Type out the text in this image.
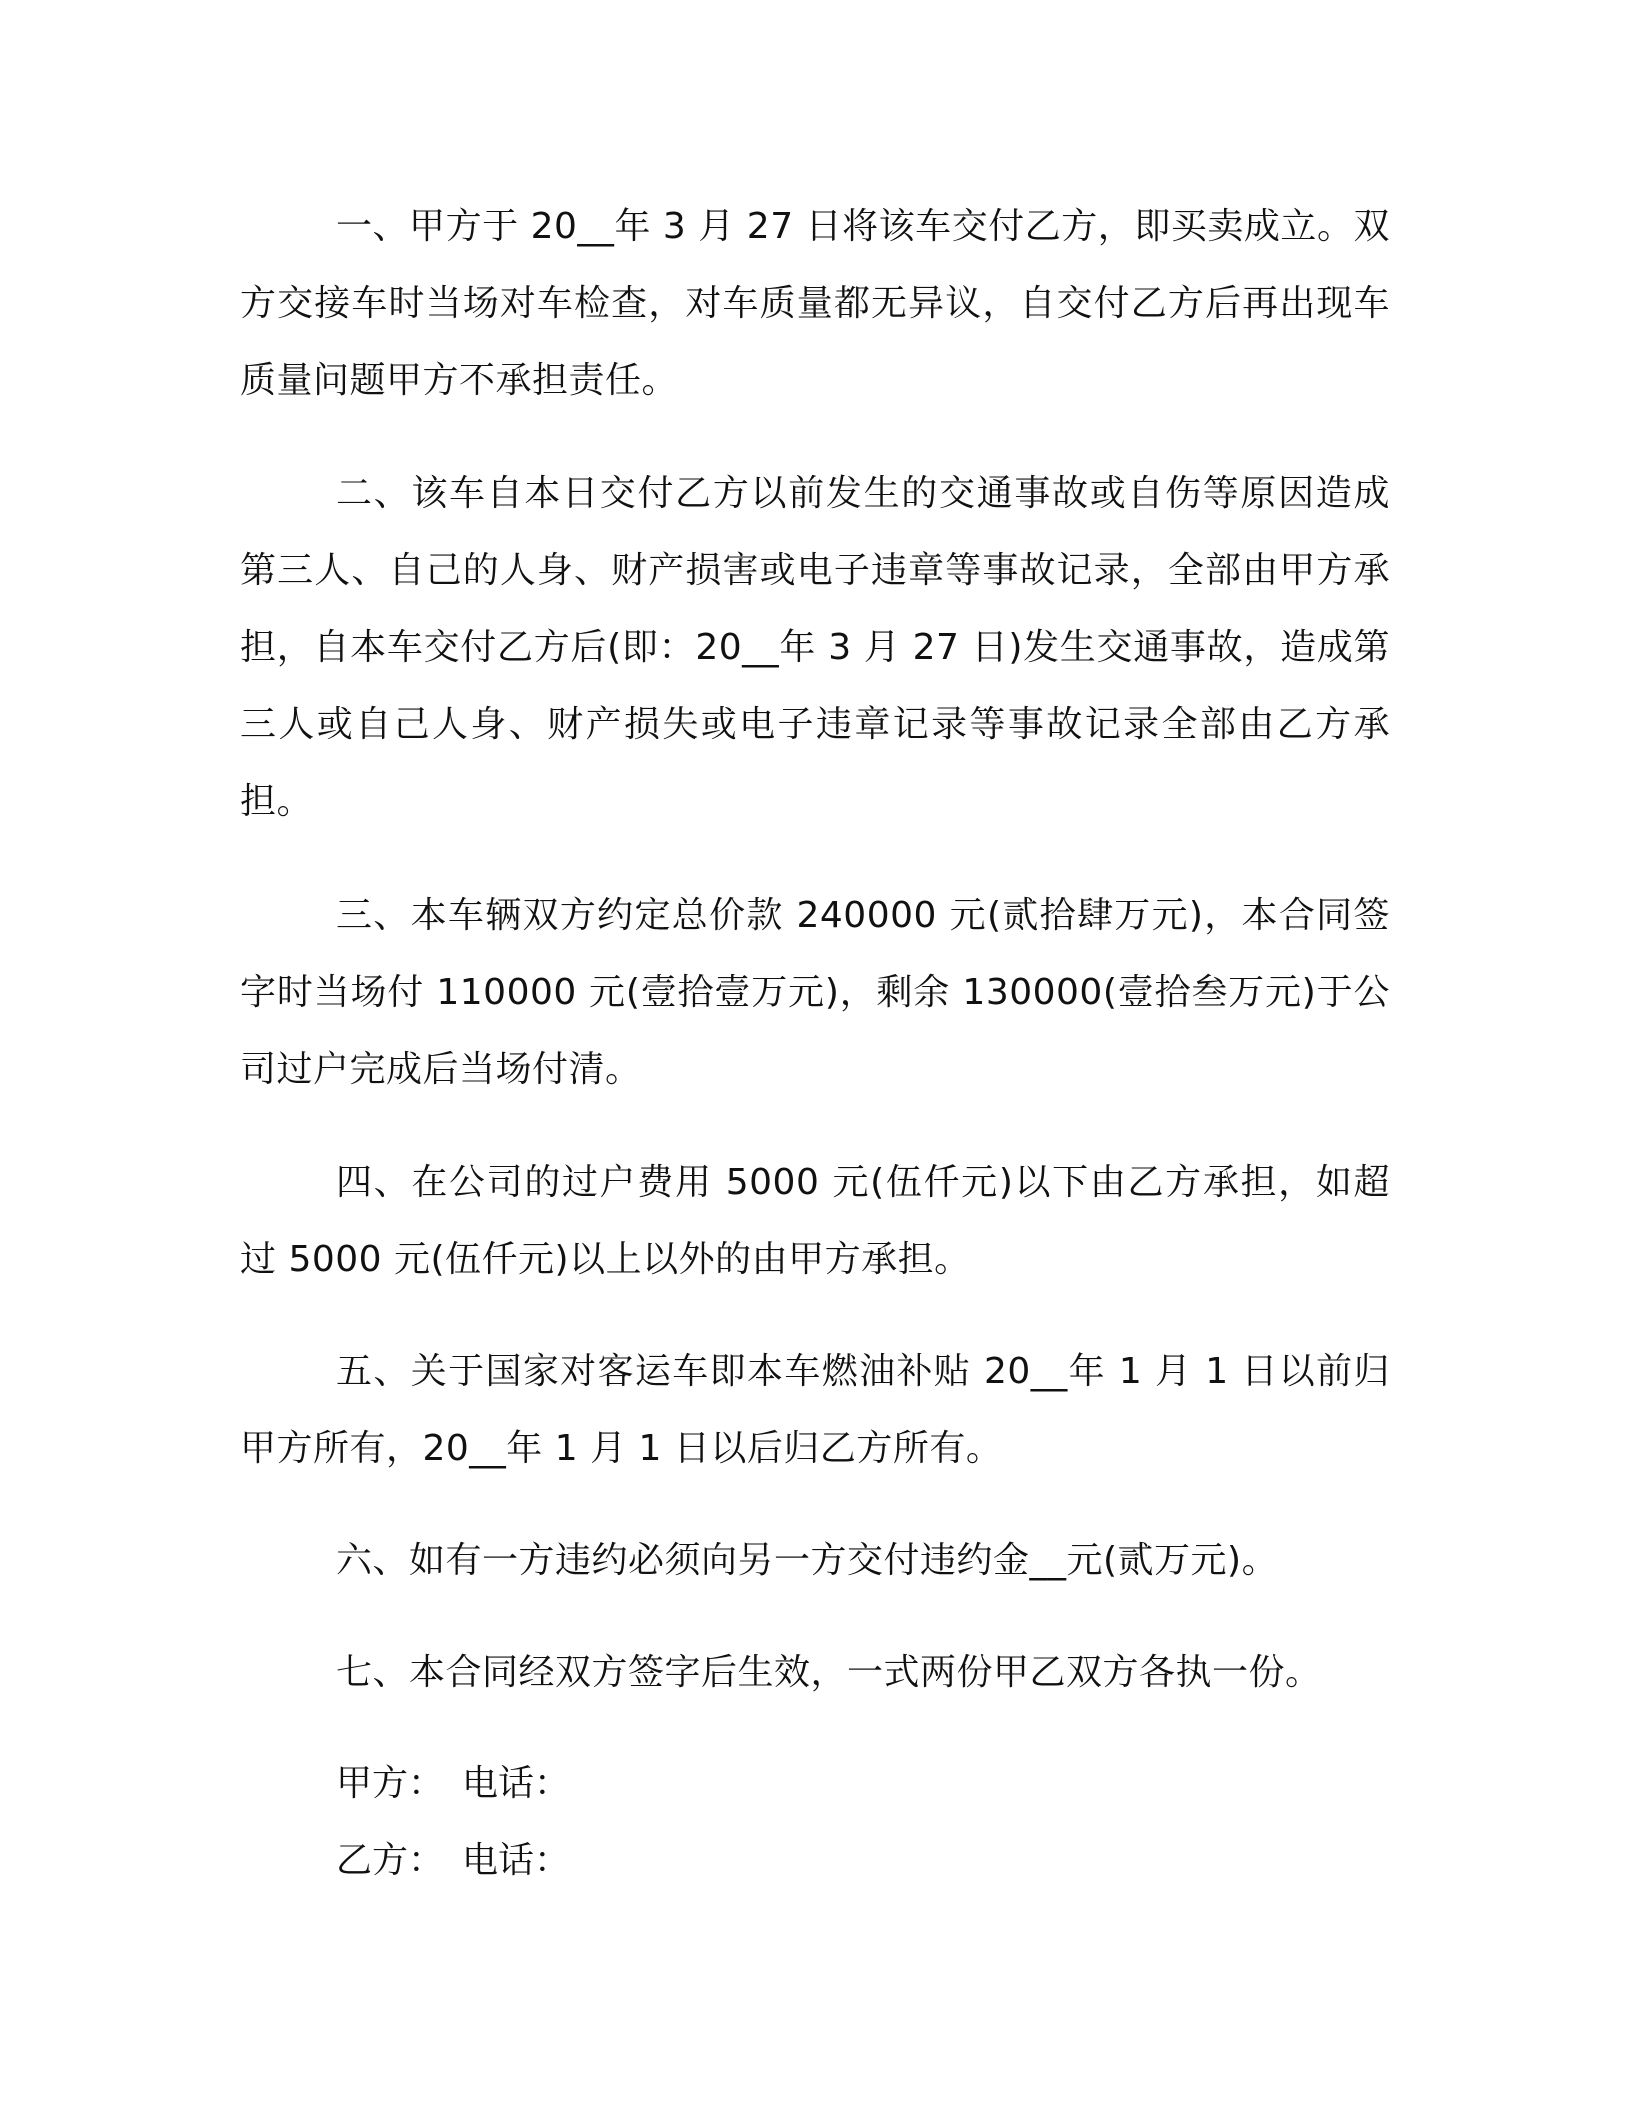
一、甲方于 20__年 3 月 27 日将该车交付乙方，即买卖成立。双方交接车时当场对车检查，对车质量都无异议，自交付乙方后再出现车质量问题甲方不承担责任。

二、该车自本日交付乙方以前发生的交通事故或自伤等原因造成第三人、自己的人身、财产损害或电子违章等事故记录，全部由甲方承担，自本车交付乙方后(即：20__年 3 月 27 日)发生交通事故，造成第三人或自己人身、财产损失或电子违章记录等事故记录全部由乙方承担。

三、本车辆双方约定总价款 240000 元(贰拾肆万元)，本合同签字时当场付 110000 元(壹拾壹万元)，剩余 130000(壹拾叁万元)于公司过户完成后当场付清。

四、在公司的过户费用 5000 元(伍仟元)以下由乙方承担，如超过 5000 元(伍仟元)以上以外的由甲方承担。

五、关于国家对客运车即本车燃油补贴 20__年 1 月 1 日以前归甲方所有，20__年 1 月 1 日以后归乙方所有。

六、如有一方违约必须向另一方交付违约金__元(贰万元)。

七、本合同经双方签字后生效，一式两份甲乙双方各执一份。

甲方： 电话：

乙方： 电话：
